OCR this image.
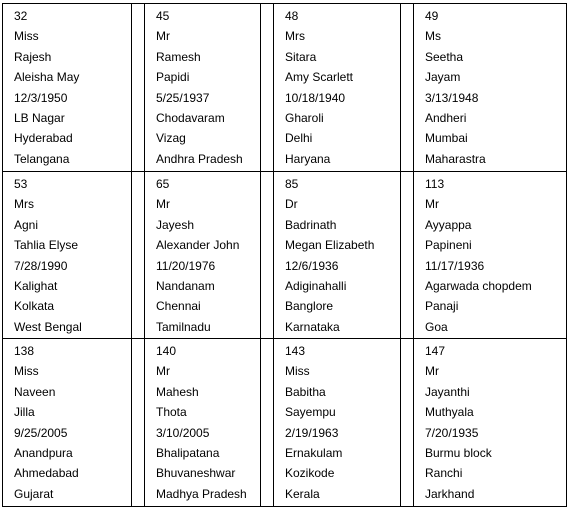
32
Miss
Rajesh
Aleisha May
12/3/1950
LB Nagar
Hyderabad
Telangana
45
Mr
Ramesh
Papidi
5/25/1937
Chodavaram
Vizag
Andhra Pradesh
48
Mrs
Sitara
Amy Scarlett
10/18/1940
Gharoli
Delhi
Haryana
49
Ms
Seetha
Jayam
3/13/1948
Andheri
Mumbai
Maharastra
53
Mrs
Agni
Tahlia Elyse
7/28/1990
Kalighat
Kolkata
West Bengal
65
Mr
Jayesh
Alexander John
11/20/1976
Nandanam
Chennai
Tamilnadu
85
Dr
Badrinath
Megan Elizabeth
12/6/1936
Adiginahalli
Banglore
Karnataka
113
Mr
Ayyappa
Papineni
11/17/1936
Agarwada chopdem
Panaji
Goa
138
Miss
Naveen
Jilla
9/25/2005
Anandpura
Ahmedabad
Gujarat
140
Mr
Mahesh
Thota
3/10/2005
Bhalipatana
Bhuvaneshwar
Madhya Pradesh
143
Miss
Babitha
Sayempu
2/19/1963
Ernakulam
Kozikode
Kerala
147
Mr
Jayanthi
Muthyala
7/20/1935
Burmu block
Ranchi
Jarkhand
